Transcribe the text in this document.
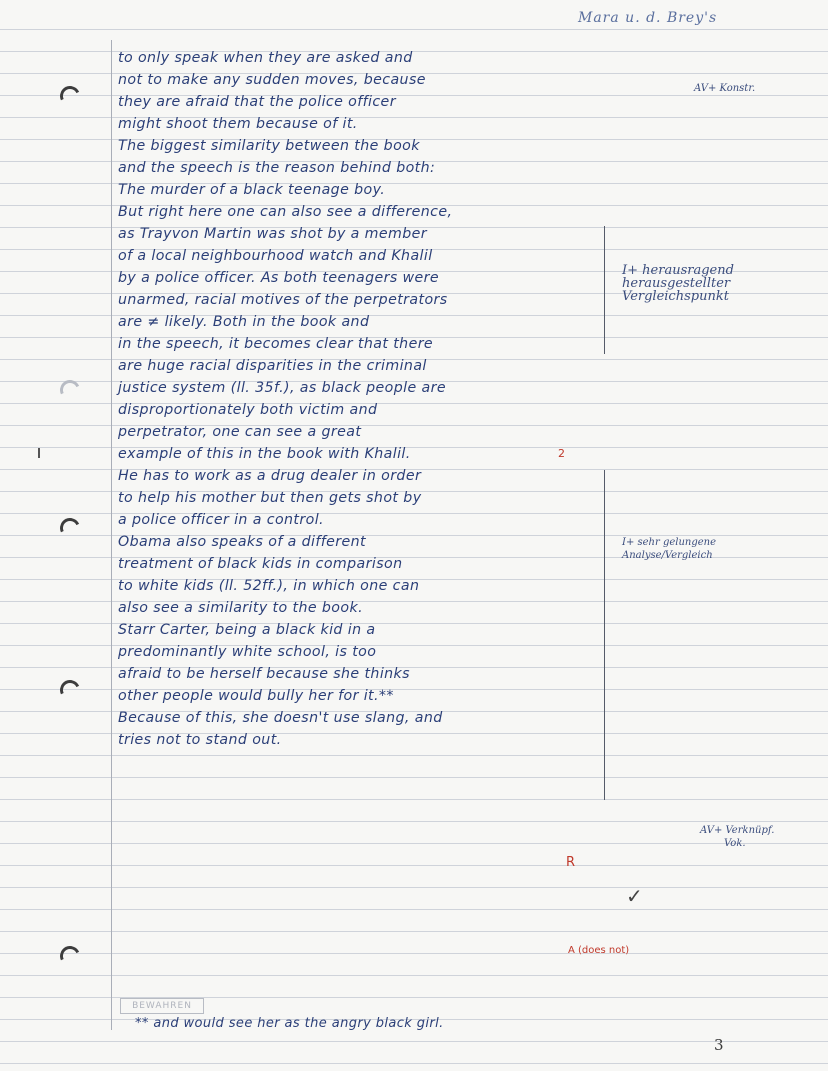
Mara u. d. Brey's
to only speak when they are asked and
not to make any sudden moves, because
they are afraid that the police officer
might shoot them because of it.
The biggest similarity between the book
and the speech is the reason behind both:
The murder of a black teenage boy.
But right here one can also see a difference,
as Trayvon Martin was shot by a member
of a local neighbourhood watch and Khalil
by a police officer. As both teenagers were
unarmed, racial motives of the perpetrators
are ≠ likely. Both in the book and
in the speech, it becomes clear that there
are huge racial disparities in the criminal
justice system (ll. 35f.), as black people are
disproportionately both victim and
perpetrator, one can see a great
example of this in the book with Khalil.
He has to work as a drug dealer in order
to help his mother but then gets shot by
a police officer in a control.
Obama also speaks of a different
treatment of black kids in comparison
to white kids (ll. 52ff.), in which one can
also see a similarity to the book.
Starr Carter, being a black kid in a
predominantly white school, is too
afraid to be herself because she thinks
other people would bully her for it.**
Because of this, she doesn't use slang, and
tries not to stand out.
BEWAHREN
** and would see her as the angry black girl.
AV+ Konstr.
I+ herausragend
herausgestellter
Vergleichspunkt
I+ sehr gelungene
Analyse/Vergleich
AV+ Verknüpf.
Vok.
2
R
✓
A (does not)
3
